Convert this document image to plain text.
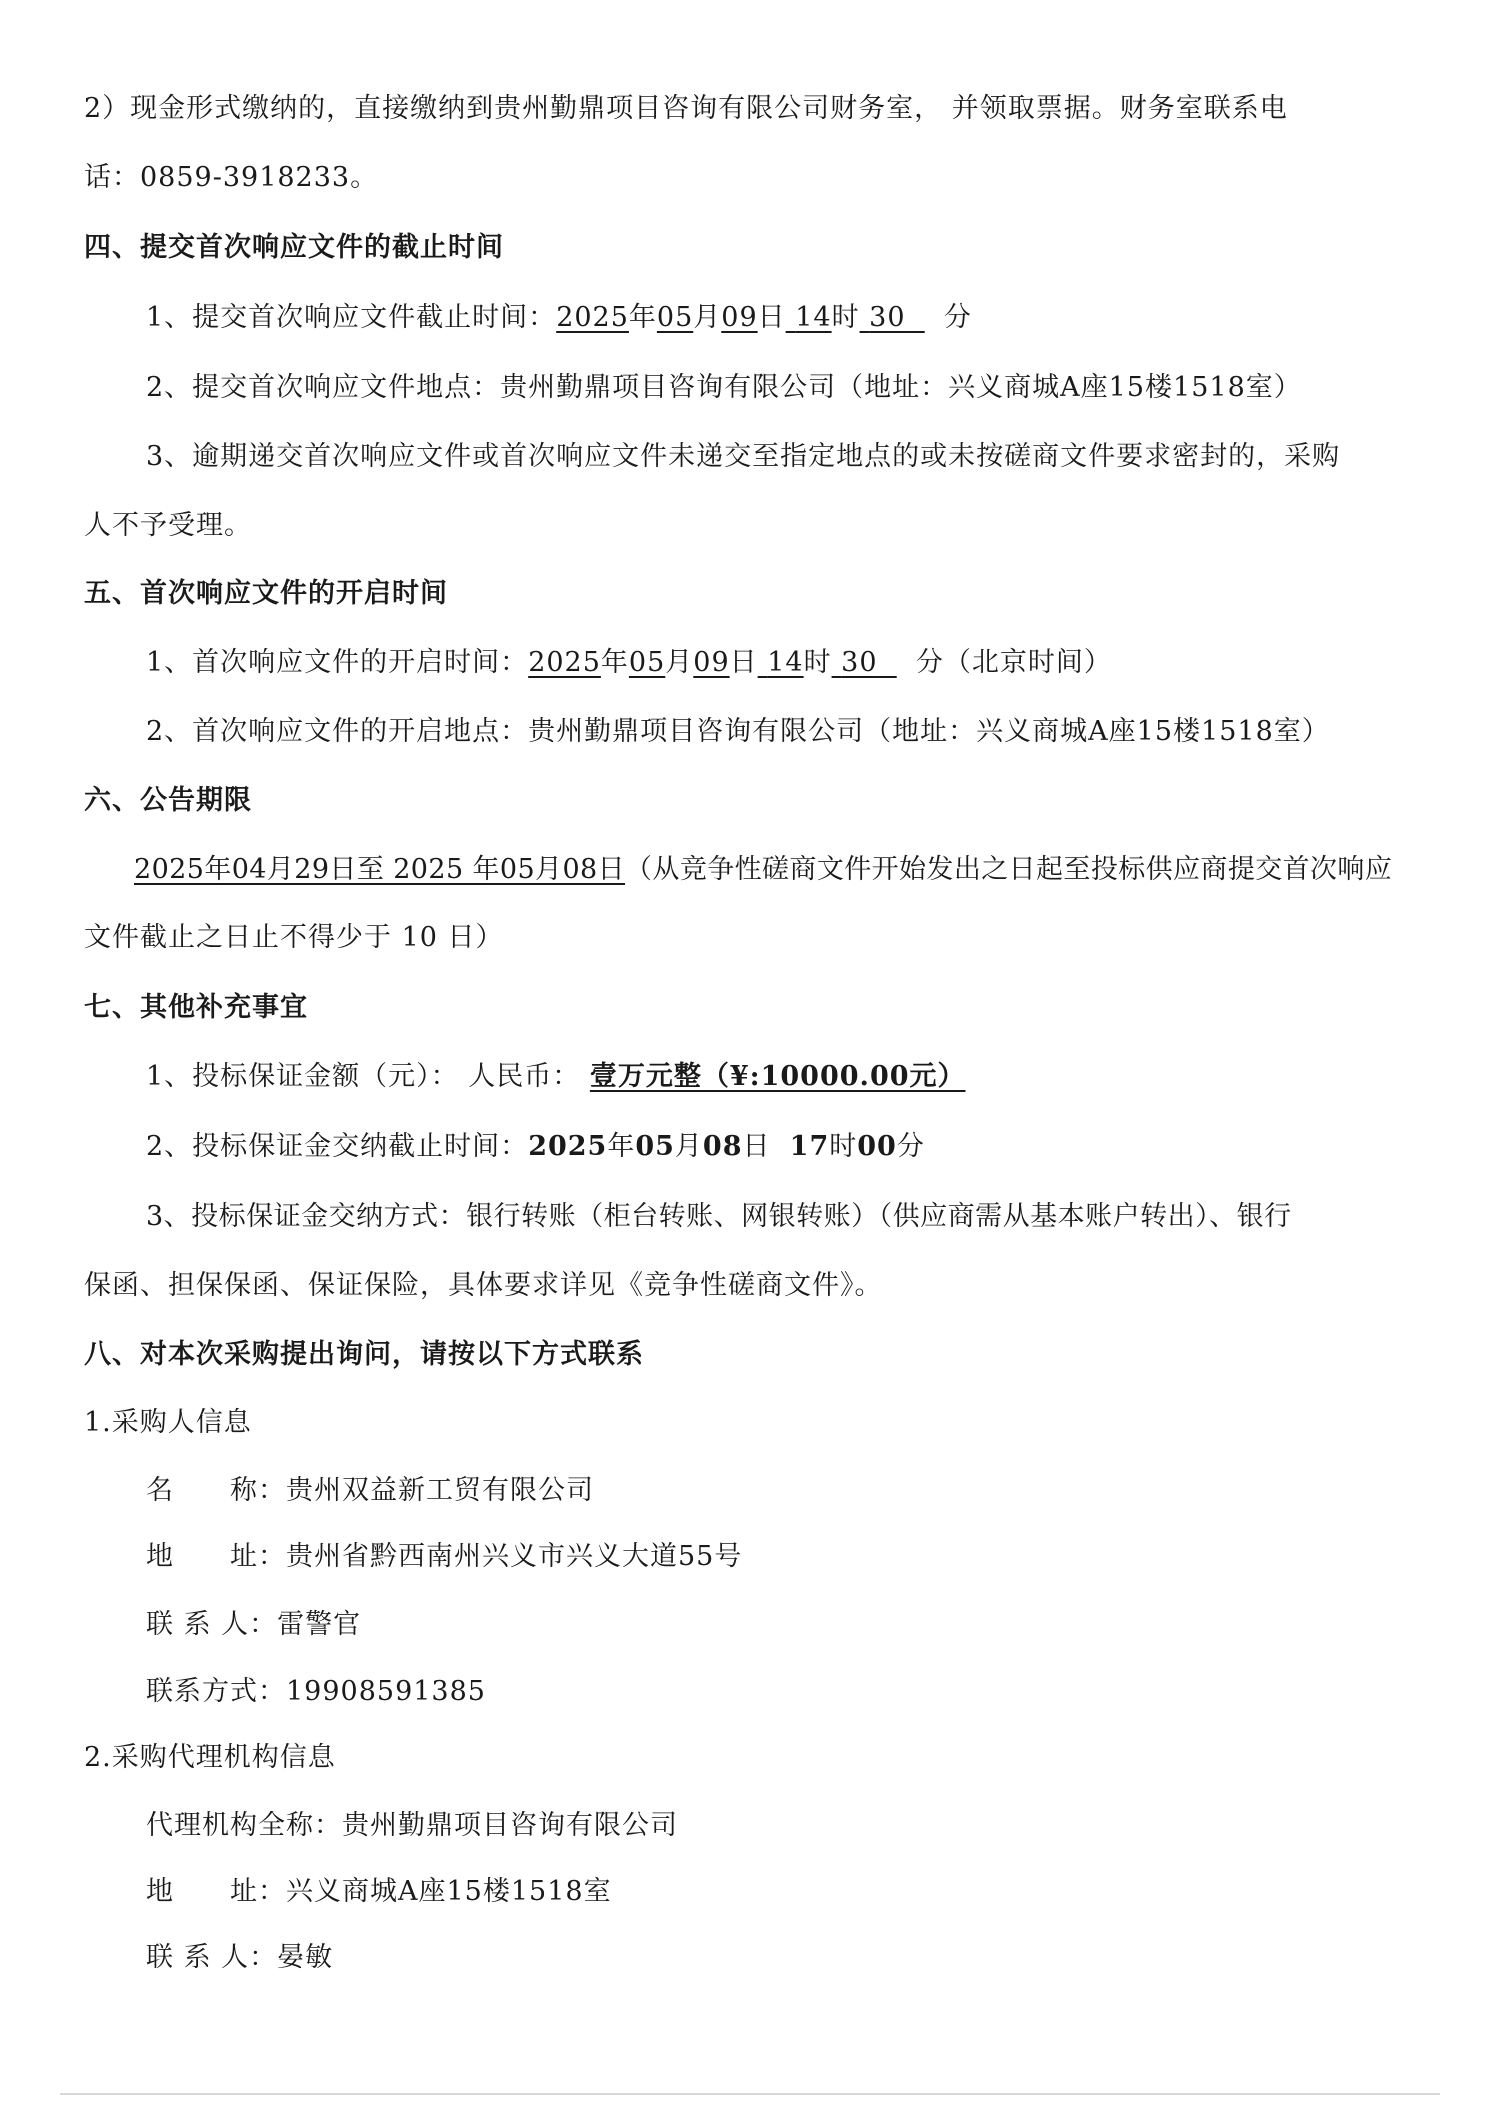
2）现金形式缴纳的，直接缴纳到贵州勤鼎项目咨询有限公司财务室， 并领取票据。财务室联系电
话：0859-3918233。
四、提交首次响应文件的截止时间
1、提交首次响应文件截止时间：2025年05月09日 14时 30 分
2、提交首次响应文件地点：贵州勤鼎项目咨询有限公司（地址：兴义商城A座15楼1518室）
3、逾期递交首次响应文件或首次响应文件未递交至指定地点的或未按磋商文件要求密封的，采购
人不予受理。
五、首次响应文件的开启时间
1、首次响应文件的开启时间：2025年05月09日 14时 30 分（北京时间）
2、首次响应文件的开启地点：贵州勤鼎项目咨询有限公司（地址：兴义商城A座15楼1518室）
六、公告期限
2025年04月29日至 2025 年05月08日（从竞争性磋商文件开始发出之日起至投标供应商提交首次响应
文件截止之日止不得少于 10 日）
七、其他补充事宜
1、投标保证金额（元）： 人民币： 壹万元整（¥:10000.00元）
2、投标保证金交纳截止时间：2025年05月08日 17时00分
3、投标保证金交纳方式：银行转账（柜台转账、网银转账）（供应商需从基本账户转出）、银行
保函、担保保函、保证保险，具体要求详见《竞争性磋商文件》。
八、对本次采购提出询问，请按以下方式联系
1.采购人信息
名　　称：贵州双益新工贸有限公司
地　　址：贵州省黔西南州兴义市兴义大道55号
联 系 人：雷警官
联系方式：19908591385
2.采购代理机构信息
代理机构全称：贵州勤鼎项目咨询有限公司
地　　址：兴义商城A座15楼1518室
联 系 人：晏敏
